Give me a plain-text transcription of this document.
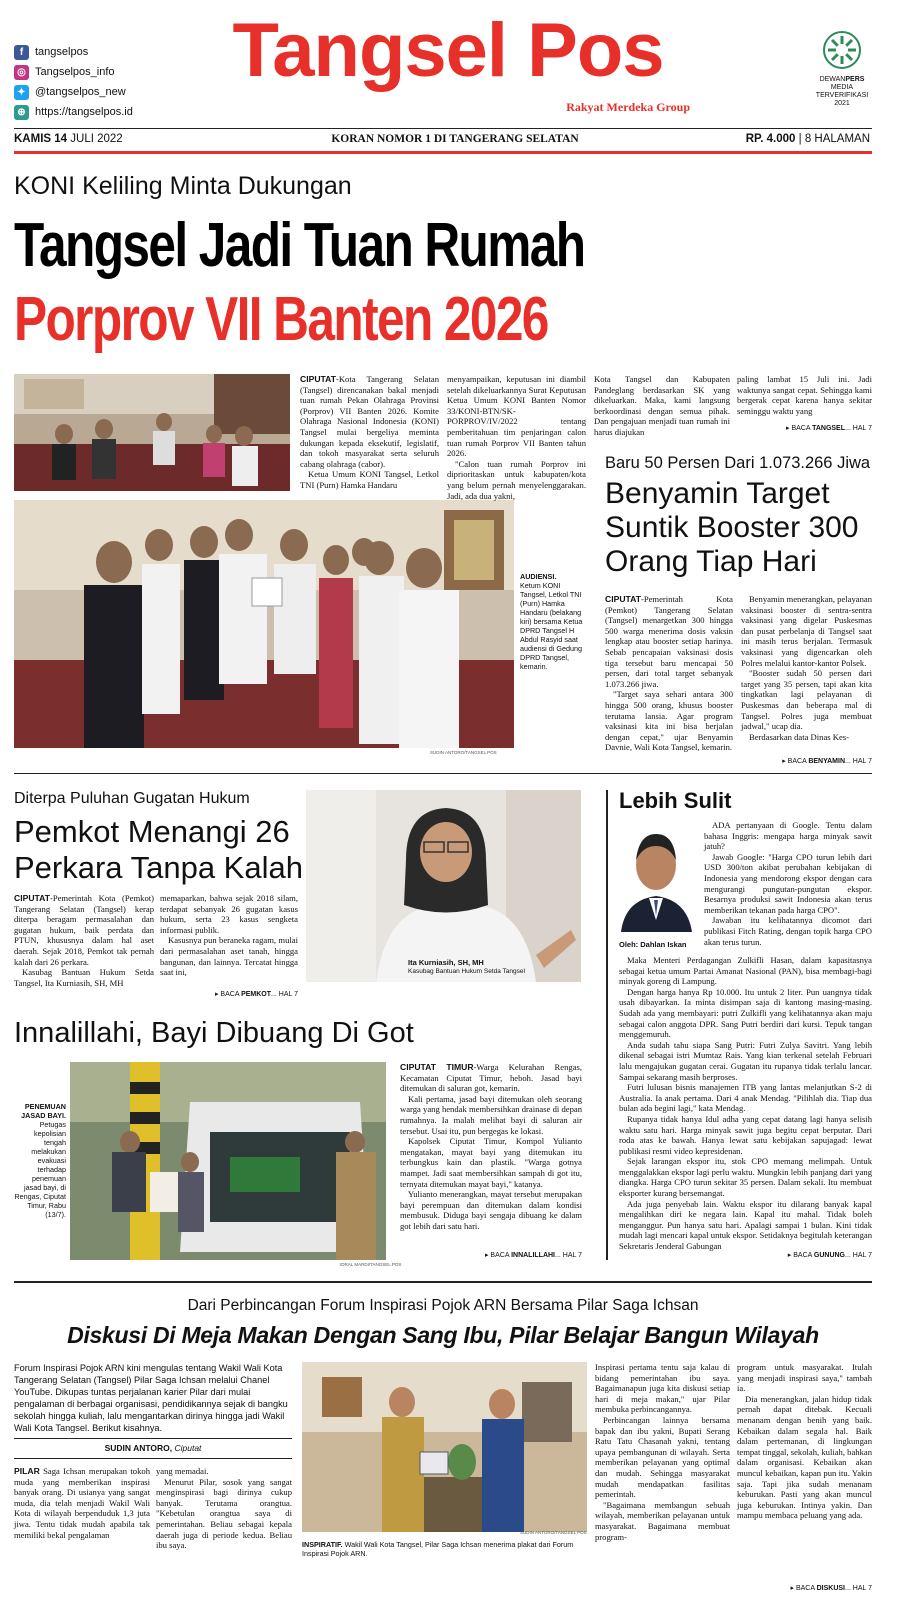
f	tangselpos
◎ Tangselpos_info
✦ @tangselpos_new
⊕ https://tangselpos.id
Tangsel Pos
Rakyat Merdeka Group
DEWANPERS
MEDIA
TERVERIFIKASI
2021
KAMIS 14 JULI 2022	KORAN NOMOR 1 DI TANGERANG SELATAN	RP. 4.000 | 8 HALAMAN
KONI Keliling Minta Dukungan
Tangsel Jadi Tuan Rumah
Porprov VII Banten 2026
AUDIENSI.
Ketum KONI Tangsel, Letkol TNI (Purn) Hamka Handaru (belakang kiri) bersama Ketua DPRD Tangsel H Abdul Rasyid saat audiensi di Gedung DPRD Tangsel, kemarin.
SUDIN ANTORO/TANGSEL POS

CIPUTAT-Kota Tangerang Selatan (Tangsel) direncanakan bakal menjadi tuan rumah Pekan Olahraga Provinsi (Porprov) VII Banten 2026. Komite Olahraga Nasional Indonesia (KONI) Tangsel mulai bergeliya meminta dukungan kepada eksekutif, legislatif, dan tokoh masyarakat serta seluruh cabang olahraga (cabor).

Ketua Umum KONI Tangsel, Letkol TNI (Purn) Hamka Handaru

menyampaikan, keputusan ini diambil setelah dikeluarkannya Surat Keputusan Ketua Umum KONI Banten Nomor 33/KONI-BTN/SK-PORPROV/IV/2022 tentang pemberitahuan tim penjaringan calon tuan rumah Porprov VII Banten tahun 2026.

"Calon tuan rumah Porprov ini diprioritaskan untuk kabupaten/kota yang belum pernah menyelenggarakan. Jadi, ada dua yakni,

Kota Tangsel dan Kabupaten Pandeglang berdasarkan SK yang dikeluarkan. Maka, kami langsung berkoordinasi dengan semua pihak. Dan pengajuan menjadi tuan rumah ini harus diajukan

paling lambat 15 Juli ini. Jadi waktunya sangat cepat. Sehingga kami bergerak cepat karena hanya sekitar seminggu waktu yang

▸ BACA TANGSEL... HAL 7
Baru 50 Persen Dari 1.073.266 Jiwa
Benyamin Target
Suntik Booster 300
Orang Tiap Hari

CIPUTAT-Pemerintah Kota (Pemkot) Tangerang Selatan (Tangsel) menargetkan 300 hingga 500 warga menerima dosis vaksin lengkap atau booster setiap harinya. Sebab pencapaian vaksinasi dosis tiga tersebut baru mencapai 50 persen, dari total target sebanyak 1.073.266 jiwa.

"Target saya sehari antara 300 hingga 500 orang, khusus booster terutama lansia. Agar program vaksinasi kita ini bisa berjalan dengan cepat," ujar Benyamin Davnie, Wali Kota Tangsel, kemarin.

Benyamin menerangkan, pelayanan vaksinasi booster di sentra-sentra vaksinasi yang digelar Puskesmas dan pusat perbelanja di Tangsel saat ini masih terus berjalan. Termasuk vaksinasi yang digencarkan oleh Polres melalui kantor-kantor Polsek.

"Booster sudah 50 persen dari target yang 35 persen, tapi akan kita tingkatkan lagi pelayanan di Puskesmas dan beberapa mal di Tangsel. Polres juga membuat jadwal," ucap dia.

Berdasarkan data Dinas Kes-

▸ BACA BENYAMIN... HAL 7
Diterpa Puluhan Gugatan Hukum
Pemkot Menangi 26
Perkara Tanpa Kalah

CIPUTAT-Pemerintah Kota (Pemkot) Tangerang Selatan (Tangsel) kerap diterpa beragam permasalahan dan gugatan hukum, baik perdata dan PTUN, khususnya dalam hal aset daerah. Sejak 2018, Pemkot tak pernah kalah dari 26 perkara.

Kasubag Bantuan Hukum Setda Tangsel, Ita Kurniasih, SH, MH

memaparkan, bahwa sejak 2018 silam, terdapat sebanyak 26 gugatan kasus hukum, serta 23 kasus sengketa informasi publik.

Kasusnya pun beraneka ragam, mulai dari permasalahan aset tanah, hingga bangunan, dan lainnya. Tercatat hingga saat ini,

▸ BACA PEMKOT... HAL 7
Ita Kurniasih, SH, MH
Kasubag Bantuan Hukum Setda Tangsel
Lebih Sulit
Oleh: Dahlan Iskan

ADA pertanyaan di Google. Tentu dalam bahasa Inggris: mengapa harga minyak sawit jatuh?

Jawab Google: "Harga CPO turun lebih dari USD 300/ton akibat perubahan kebijakan di Indonesia yang mendorong ekspor dengan cara mengurangi pungutan-pungutan ekspor. Besarnya produksi sawit Indonesia akan terus memberikan tekanan pada harga CPO".

Jawaban itu kelihatannya dicomot dari publikasi Fitch Rating, dengan topik harga CPO akan terus turun.

Maka Menteri Perdagangan Zulkifli Hasan, dalam kapasitasnya sebagai ketua umum Partai Amanat Nasional (PAN), bisa membagi-bagi minyak goreng di Lampung.

Dengan harga hanya Rp 10.000. Itu untuk 2 liter. Pun uangnya tidak usah dibayarkan. Ia minta disimpan saja di kantong masing-masing. Sudah ada yang membayari: putri Zulkifli yang kelihatannya akan maju sebagai calon anggota DPR. Sang Putri berdiri dari kursi. Tepuk tangan menggemuruh.

Anda sudah tahu siapa Sang Putri: Futri Zulya Savitri. Yang lebih dikenal sebagai istri Mumtaz Rais. Yang kian terkenal setelah Februari lalu mengajukan gugatan cerai. Gugatan itu rupanya tidak terlalu lancar. Sampai sekarang masih berproses.

Futri lulusan bisnis manajemen ITB yang lantas melanjutkan S-2 di Australia. Ia anak pertama. Dari 4 anak Mendag. "Pilihlah dia. Tiap dua bulan ada begini lagi," kata Mendag.

Rupanya tidak hanya Idul adha yang cepat datang lagi hanya selisih waktu satu hari. Harga minyak sawit juga begitu cepat berputar. Dari roda atas ke bawah. Hanya lewat satu kebijakan sapujagad: lewat publikasi resmi video kepresidenan.

Sejak larangan ekspor itu, stok CPO memang melimpah. Untuk menggalakkan ekspor lagi perlu waktu. Mungkin lebih panjang dari yang diangka. Harga CPO turun sekitar 35 persen. Dalam sekali. Itu membuat eksporter kurang bersemangat.

Ada juga penyebab lain. Waktu ekspor itu dilarang banyak kapal mengalihkan diri ke negara lain. Kapal itu mahal. Tidak boleh menganggur. Pun hanya satu hari. Apalagi sampai 1 bulan. Kini tidak mudah lagi mencari kapal untuk ekspor. Setidaknya begitulah keterangan Sekretaris Jenderal Gabungan

▸ BACA GUNUNG... HAL 7
Innalillahi, Bayi Dibuang Di Got
PENEMUAN JASAD BAYI.
Petugas kepolisian tengah melakukan evakuasi terhadap penemuan jasad bayi, di Rengas, Ciputat Timur, Rabu (13/7).
IDRAL MARDI/TANGSEL POS

CIPUTAT TIMUR-Warga Kelurahan Rengas, Kecamatan Ciputat Timur, heboh. Jasad bayi ditemukan di saluran got, kemarin.

Kali pertama, jasad bayi ditemukan oleh seorang warga yang hendak membersihkan drainase di depan rumahnya. Ia malah melihat bayi di saluran air tersebut. Usai itu, pun bergegas ke lokasi.

Kapolsek Ciputat Timur, Kompol Yulianto mengatakan, mayat bayi yang ditemukan itu terbungkus kain dan plastik. "Warga gotnya mampet. Jadi saat membersihkan sampah di got itu, ternyata ditemukan mayat bayi," katanya.

Yulianto menerangkan, mayat tersebut merupakan bayi perempuan dan ditemukan dalam kondisi membusuk. Diduga bayi sengaja dibuang ke dalam got lebih dari satu hari.

▸ BACA INNALILLAHI... HAL 7
Dari Perbincangan Forum Inspirasi Pojok ARN Bersama Pilar Saga Ichsan
Diskusi Di Meja Makan Dengan Sang Ibu, Pilar Belajar Bangun Wilayah
Forum Inspirasi Pojok ARN kini mengulas tentang Wakil Wali Kota Tangerang Selatan (Tangsel) Pilar Saga Ichsan melalui Chanel YouTube. Dikupas tuntas perjalanan karier Pilar dari mulai pengalaman di berbagai organisasi, pendidikannya sejak di bangku sekolah hingga kuliah, lalu mengantarkan dirinya hingga jadi Wakil Wali Kota Tangsel. Berikut kisahnya.
SUDIN ANTORO, Ciputat

PILAR Saga Ichsan merupakan tokoh muda yang memberikan inspirasi banyak orang. Di usianya yang sangat muda, dia telah menjadi Wakil Wali Kota di wilayah berpenduduk 1,3 juta jiwa. Tentu tidak mudah apabila tak memiliki bekal pengalaman

yang memadai.

Menurut Pilar, sosok yang sangat menginspirasi bagi dirinya cukup banyak. Terutama orangtua. "Kebetulan orangtua saya di pemerintahan. Beliau sebagai kepala daerah juga di periode kedua. Beliau ibu saya.

SUDIN ANTORO/TANGSEL POS
INSPIRATIF. Wakil Wali Kota Tangsel, Pilar Saga Ichsan menerima plakat dari Forum Inspirasi Pojok ARN.

Inspirasi pertama tentu saja kalau di bidang pemerintahan ibu saya. Bagaimanapun juga kita diskusi setiap hari di meja makan," ujar Pilar membuka perbincangannya.

Perbincangan lainnya bersama bapak dan ibu yakni, Bupati Serang Ratu Tatu Chasanah yakni, tentang upaya pembangunan di wilayah. Serta memberikan pelayanan yang optimal dan mudah. Sehingga masyarakat mudah mendapatkan fasilitas pemerintah.

"Bagaimana membangun sebuah wilayah, memberikan pelayanan untuk masyarakat. Bagaimana membuat program-

program untuk masyarakat. Itulah yang menjadi inspirasi saya," tambah ia.

Dia menerangkan, jalan hidup tidak pernah dapat ditebak. Kecuali menanam dengan benih yang baik. Kebaikan dalam segala hal. Baik dalam pertemanan, di lingkungan tempat tinggal, sekolah, kuliah, bahkan dalam organisasi. Kebaikan akan muncul kebaikan, kapan pun itu. Yakin saja. Tapi jika sudah menanam keburukan. Pasti yang akan muncul juga keburukan. Intinya yakin. Dan mampu membaca peluang yang ada.

▸ BACA DISKUSI... HAL 7
